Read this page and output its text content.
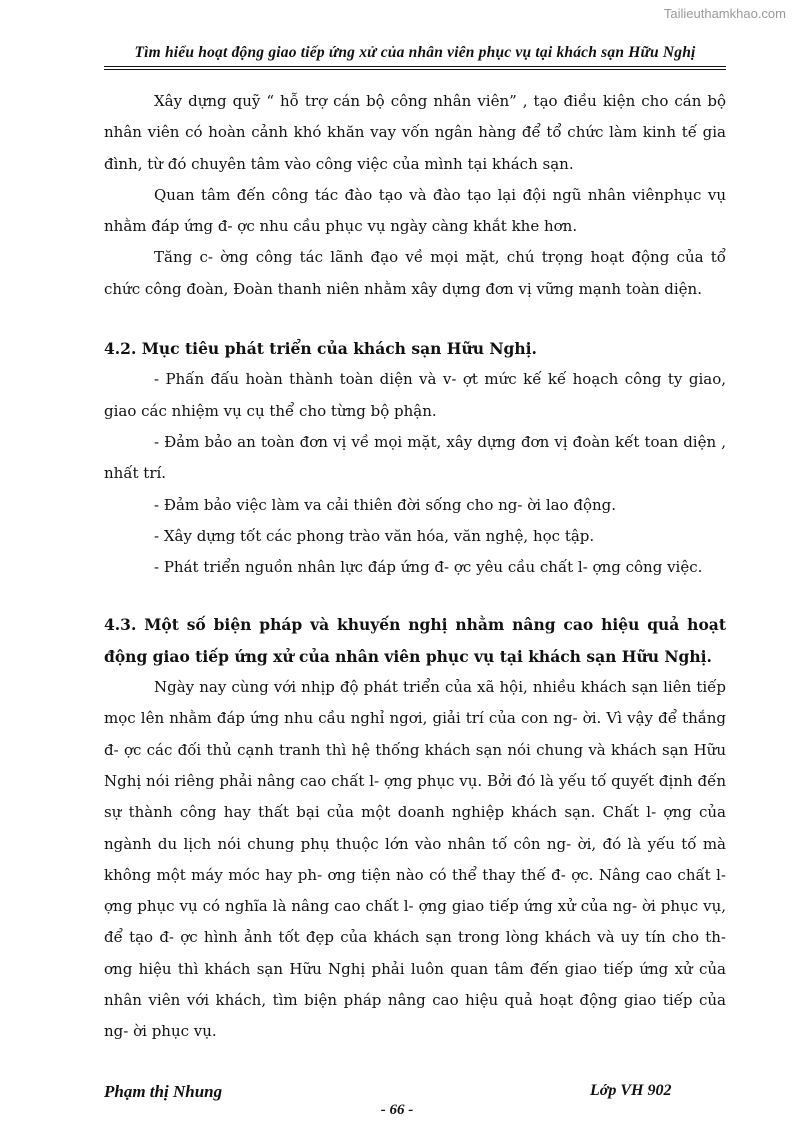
Tailieuthamkhao.com
Tìm hiểu hoạt động giao tiếp ứng xử của nhân viên phục vụ tại khách sạn Hữu Nghị

Xây dựng quỹ “ hỗ trợ cán bộ công nhân viên” , tạo điều kiện cho cán bộ nhân viên có hoàn cảnh khó khăn vay vốn ngân hàng để tổ chức làm kinh tế gia đình, từ đó chuyên tâm vào công việc của mình tại khách sạn.

Quan tâm đến công tác đào tạo và đào tạo lại đội ngũ nhân viênphục vụ nhằm đáp ứng đ- ợc nhu cầu phục vụ ngày càng khắt khe hơn.

Tăng c- ờng công tác lãnh đạo về mọi mặt, chú trọng hoạt động của tổ chức công đoàn, Đoàn thanh niên nhằm xây dựng đơn vị vững mạnh toàn diện.

4.2. Mục tiêu phát triển của khách sạn Hữu Nghị.

- Phấn đấu hoàn thành toàn diện và v- ợt mức kế kế hoạch công ty giao, giao các nhiệm vụ cụ thể cho từng bộ phận.

- Đảm bảo an toàn đơn vị về mọi mặt, xây dựng đơn vị đoàn kết toan diện , nhất trí.

- Đảm bảo việc làm va cải thiên đời sống cho ng- ời lao động.

- Xây dựng tốt các phong trào văn hóa, văn nghệ, học tập.

- Phát triển nguồn nhân lực đáp ứng đ- ợc yêu cầu chất l- ợng công việc.

4.3. Một số biện pháp và khuyến nghị nhằm nâng cao hiệu quả hoạt động giao tiếp ứng xử của nhân viên phục vụ tại khách sạn Hữu Nghị.

Ngày nay cùng với nhịp độ phát triển của xã hội, nhiều khách sạn liên tiếp mọc lên nhằm đáp ứng nhu cầu nghỉ ngơi, giải trí của con ng- ời. Vì vậy để thắng đ- ợc các đối thủ cạnh tranh thì hệ thống khách sạn nói chung và khách sạn Hữu Nghị nói riêng phải nâng cao chất l- ợng phục vụ. Bởi đó là yếu tố quyết định đến sự thành công hay thất bại của một doanh nghiệp khách sạn. Chất l- ợng của ngành du lịch nói chung phụ thuộc lớn vào nhân tố côn ng- ời, đó là yếu tố mà không một máy móc hay ph- ơng tiện nào có thể thay thế đ- ợc. Nâng cao chất l- ợng phục vụ có nghĩa là nâng cao chất l- ợng giao tiếp ứng xử của ng- ời phục vụ, để tạo đ- ợc hình ảnh tốt đẹp của khách sạn trong lòng khách và uy tín cho th- ơng hiệu thì khách sạn Hữu Nghị phải luôn quan tâm đến giao tiếp ứng xử của nhân viên với khách, tìm biện pháp nâng cao hiệu quả hoạt động giao tiếp của ng- ời phục vụ.

Phạm thị Nhung	Lớp VH 902
- 66 -
